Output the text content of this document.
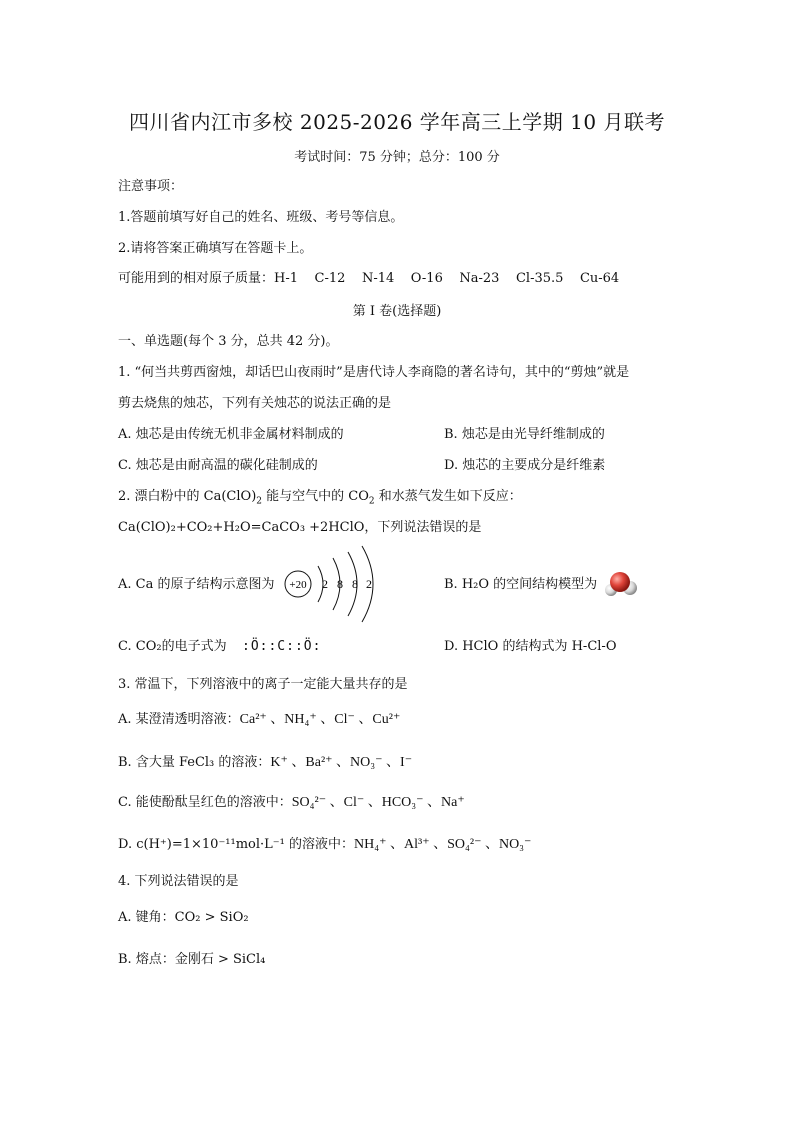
四川省内江市多校 2025-2026 学年高三上学期 10 月联考
考试时间：75 分钟；总分：100 分
注意事项：
1.答题前填写好自己的姓名、班级、考号等信息。
2.请将答案正确填写在答题卡上。
可能用到的相对原子质量：H-1    C-12    N-14    O-16    Na-23    Cl-35.5    Cu-64
第 I 卷(选择题)
一、单选题(每个 3 分，总共 42 分)。
1. “何当共剪西窗烛，却话巴山夜雨时”是唐代诗人李商隐的著名诗句，其中的“剪烛”就是
剪去烧焦的烛芯，下列有关烛芯的说法正确的是
A. 烛芯是由传统无机非金属材料制成的	B. 烛芯是由光导纤维制成的
C. 烛芯是由耐高温的碳化硅制成的	D. 烛芯的主要成分是纤维素
2. 漂白粉中的 $Ca(ClO)_2$ 能与空气中的 $CO_2$ 和水蒸气发生如下反应：
Ca(ClO)₂+CO₂+H₂O=CaCO₃ +2HClO，下列说法错误的是
A. Ca 的原子结构示意图为 +20 2 8 8 2	B. H₂O 的空间结构模型为
C. CO₂的电子式为 :Ö::C::Ö:	D. HClO 的结构式为 H-Cl-O
3. 常温下，下列溶液中的离子一定能大量共存的是
A. 某澄清透明溶液：Ca²⁺ 、NH₄⁺ 、Cl⁻ 、Cu²⁺
B. 含大量 FeCl₃ 的溶液：K⁺ 、Ba²⁺ 、NO₃⁻ 、I⁻
C. 能使酚酞呈红色的溶液中：SO₄²⁻ 、Cl⁻ 、HCO₃⁻ 、Na⁺
D. c(H⁺)=1×10⁻¹¹mol·L⁻¹ 的溶液中：NH₄⁺ 、Al³⁺ 、SO₄²⁻ 、NO₃⁻
4. 下列说法错误的是
A. 键角：CO₂ > SiO₂
B. 熔点：金刚石 > SiCl₄
